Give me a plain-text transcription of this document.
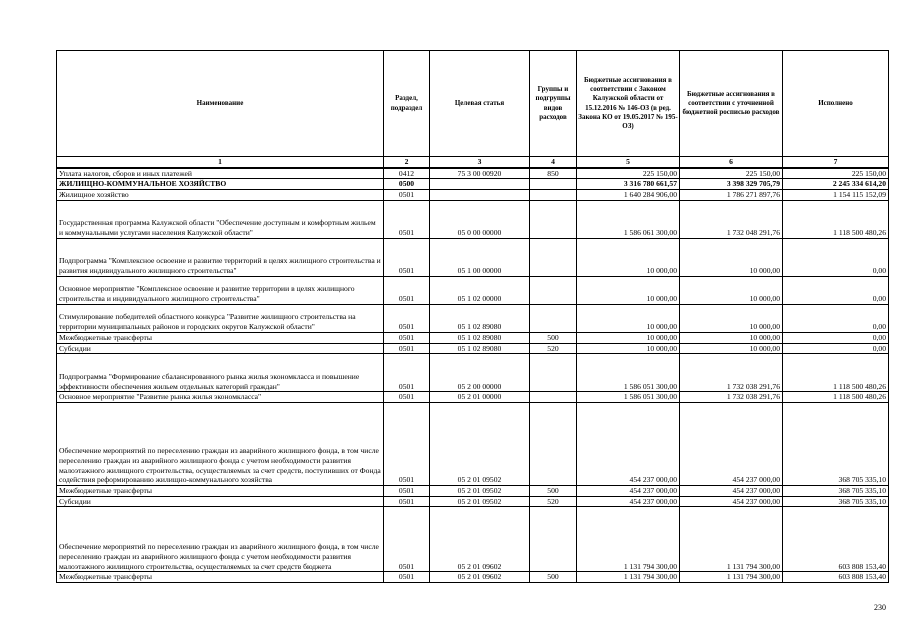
Наименование	Раздел, подраздел	Целевая статья	Группы и подгруппы видов расходов	Бюджетные ассигнования в соответствии с Законом Калужской области от 15.12.2016 № 146-ОЗ (в ред. Закона КО от 19.05.2017 № 195-ОЗ)	Бюджетные ассигнования в соответствии с уточненной бюджетной росписью расходов	Исполнено
1	2	3	4	5	6	7
Уплата налогов, сборов и иных платежей	0412	75 3 00 00920	850	225 150,00	225 150,00	225 150,00
ЖИЛИЩНО-КОММУНАЛЬНОЕ ХОЗЯЙСТВО	0500			3 316 780 661,57	3 398 329 705,79	2 245 334 614,20
Жилищное хозяйство	0501			1 640 284 906,00	1 786 271 897,76	1 154 115 152,09
Государственная программа Калужской области "Обеспечение доступным и комфортным жильем и коммунальными услугами населения Калужской области"	0501	05 0 00 00000		1 586 061 300,00	1 732 048 291,76	1 118 500 480,26
Подпрограмма "Комплексное освоение и развитие территорий в целях жилищного строительства и развития индивидуального жилищного строительства"	0501	05 1 00 00000		10 000,00	10 000,00	0,00
Основное мероприятие "Комплексное освоение и развитие территории в целях жилищного строительства и индивидуального жилищного строительства"	0501	05 1 02 00000		10 000,00	10 000,00	0,00
Стимулирование победителей областного конкурса "Развитие жилищного строительства на территории муниципальных районов и городских округов Калужской области"	0501	05 1 02 89080		10 000,00	10 000,00	0,00
Межбюджетные трансферты	0501	05 1 02 89080	500	10 000,00	10 000,00	0,00
Субсидии	0501	05 1 02 89080	520	10 000,00	10 000,00	0,00
Подпрограмма "Формирование сбалансированного рынка жилья экономкласса и повышение эффективности обеспечения жильем отдельных категорий граждан"	0501	05 2 00 00000		1 586 051 300,00	1 732 038 291,76	1 118 500 480,26
Основное мероприятие "Развитие рынка жилья экономкласса"	0501	05 2 01 00000		1 586 051 300,00	1 732 038 291,76	1 118 500 480,26
Обеспечение мероприятий по переселению граждан из аварийного жилищного фонда, в том числе переселению граждан из аварийного жилищного фонда с учетом необходимости развития малоэтажного жилищного строительства, осуществляемых за счет средств, поступивших от Фонда содействия реформированию жилищно-коммунального хозяйства	0501	05 2 01 09502		454 237 000,00	454 237 000,00	368 705 335,10
Межбюджетные трансферты	0501	05 2 01 09502	500	454 237 000,00	454 237 000,00	368 705 335,10
Субсидии	0501	05 2 01 09502	520	454 237 000,00	454 237 000,00	368 705 335,10
Обеспечение мероприятий по переселению граждан из аварийного жилищного фонда, в том числе переселению граждан из аварийного жилищного фонда с учетом необходимости развития малоэтажного жилищного строительства, осуществляемых за счет средств бюджета	0501	05 2 01 09602		1 131 794 300,00	1 131 794 300,00	603 808 153,40
Межбюджетные трансферты	0501	05 2 01 09602	500	1 131 794 300,00	1 131 794 300,00	603 808 153,40
230
